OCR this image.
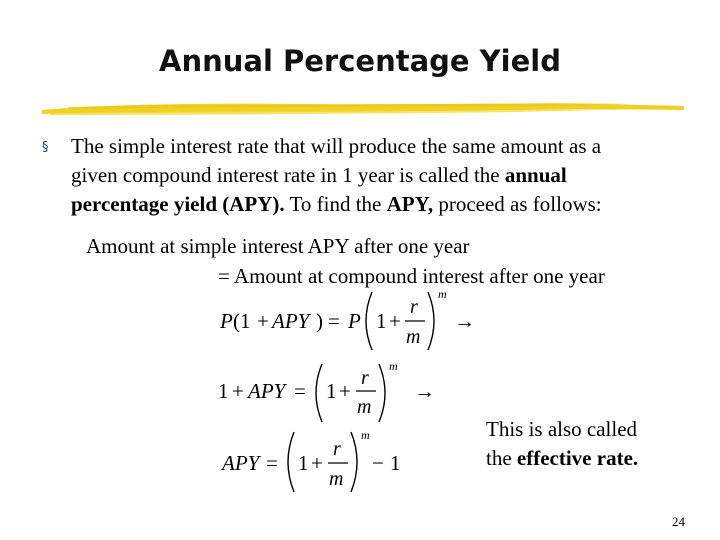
Annual Percentage Yield
§ The simple interest rate that will produce the same amount as a
given compound interest rate in 1 year is called the annual
percentage yield (APY). To find the APY, proceed as follows:
Amount at simple interest APY after one year
= Amount at compound interest after one year
P (1 + APY ) = P 1 +
r
m
m
→
1 + APY = 1 +
r
m
m
→
APY = 1 +
r
m
m
− 1
This is also called
the effective rate.
24
